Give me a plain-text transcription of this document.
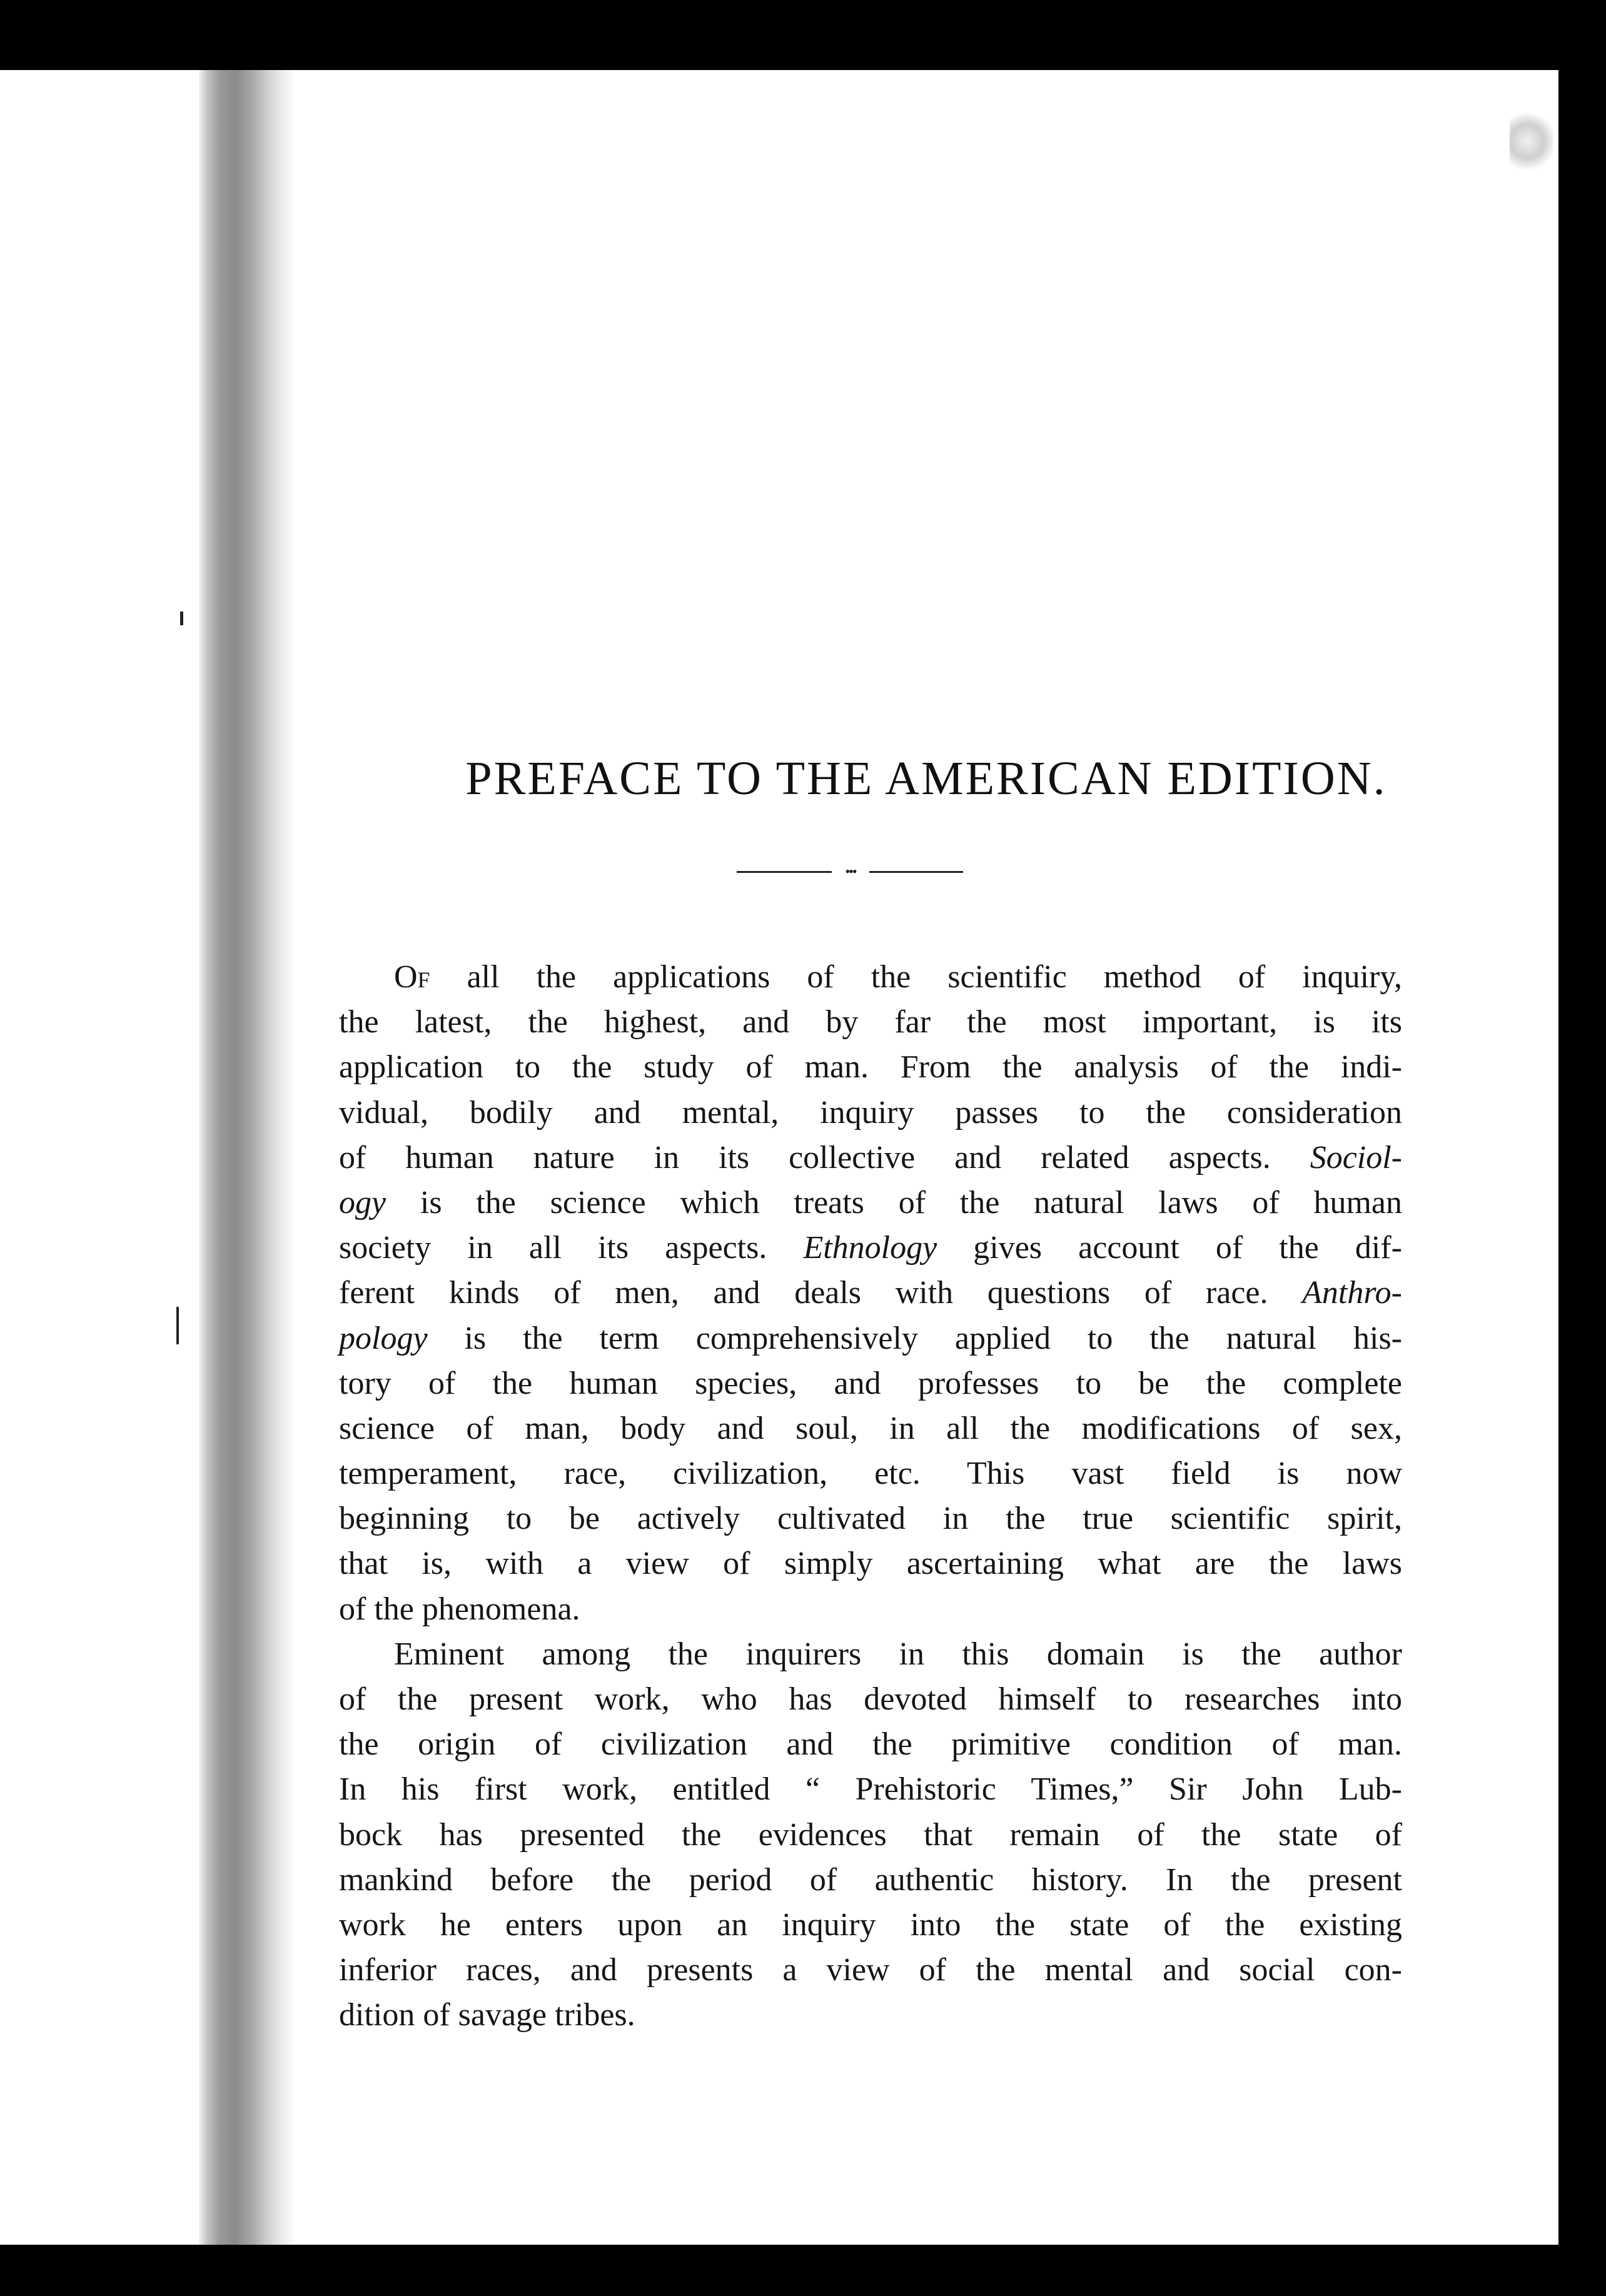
PREFACE TO THE AMERICAN EDITION.
•••
Of all the applications of the scientific method of inquiry,
the latest, the highest, and by far the most important, is its
application to the study of man. From the analysis of the indi-
vidual, bodily and mental, inquiry passes to the consideration
of human nature in its collective and related aspects. Sociol-
ogy is the science which treats of the natural laws of human
society in all its aspects. Ethnology gives account of the dif-
ferent kinds of men, and deals with questions of race. Anthro-
pology is the term comprehensively applied to the natural his-
tory of the human species, and professes to be the complete
science of man, body and soul, in all the modifications of sex,
temperament, race, civilization, etc. This vast field is now
beginning to be actively cultivated in the true scientific spirit,
that is, with a view of simply ascertaining what are the laws
of the phenomena.
Eminent among the inquirers in this domain is the author
of the present work, who has devoted himself to researches into
the origin of civilization and the primitive condition of man.
In his first work, entitled “ Prehistoric Times,” Sir John Lub-
bock has presented the evidences that remain of the state of
mankind before the period of authentic history. In the present
work he enters upon an inquiry into the state of the existing
inferior races, and presents a view of the mental and social con-
dition of savage tribes.
